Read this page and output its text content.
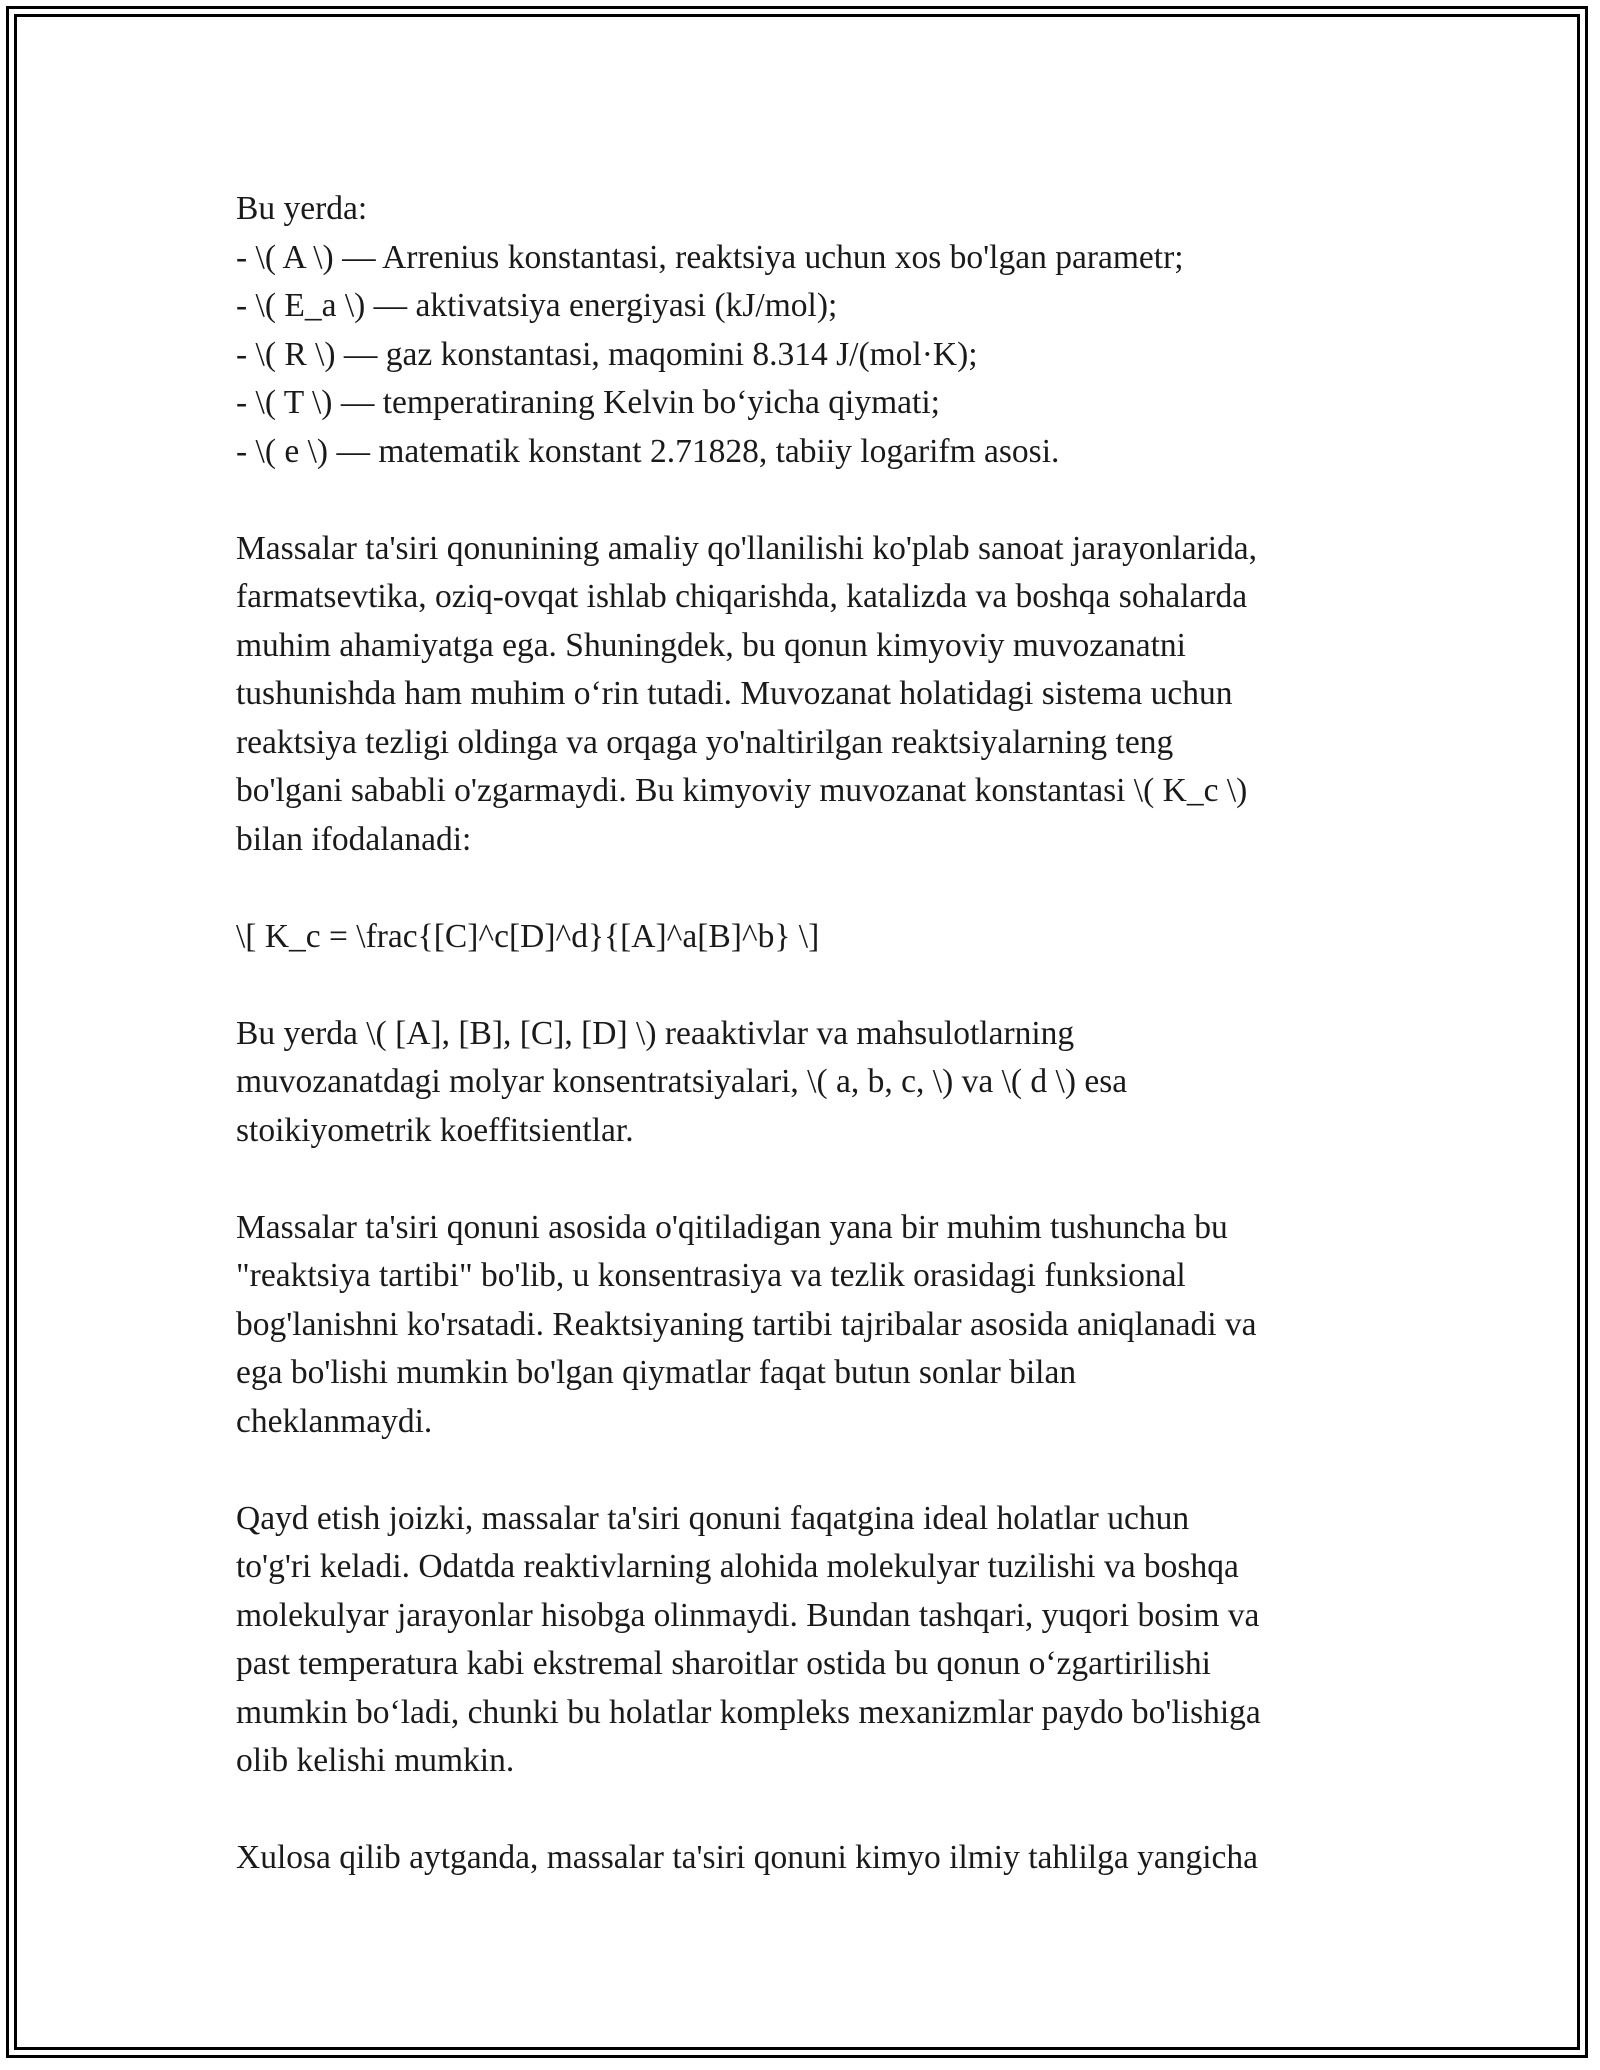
Bu yerda:
- \( A \) — Arrenius konstantasi, reaktsiya uchun xos bo'lgan parametr;
- \( E_a \) — aktivatsiya energiyasi (kJ/mol);
- \( R \) — gaz konstantasi, maqomini 8.314 J/(mol·K);
- \( T \) — temperatiraning Kelvin bo‘yicha qiymati;
- \( e \) — matematik konstant 2.71828, tabiiy logarifm asosi.

Massalar ta'siri qonunining amaliy qo'llanilishi ko'plab sanoat jarayonlarida,
farmatsevtika, oziq-ovqat ishlab chiqarishda, katalizda va boshqa sohalarda
muhim ahamiyatga ega. Shuningdek, bu qonun kimyoviy muvozanatni
tushunishda ham muhim o‘rin tutadi. Muvozanat holatidagi sistema uchun
reaktsiya tezligi oldinga va orqaga yo'naltirilgan reaktsiyalarning teng
bo'lgani sababli o'zgarmaydi. Bu kimyoviy muvozanat konstantasi \( K_c \)
bilan ifodalanadi:

\[ K_c = \frac{[C]^c[D]^d}{[A]^a[B]^b} \]

Bu yerda \( [A], [B], [C], [D] \) reaaktivlar va mahsulotlarning
muvozanatdagi molyar konsentratsiyalari, \( a, b, c, \) va \( d \) esa
stoikiyometrik koeffitsientlar.

Massalar ta'siri qonuni asosida o'qitiladigan yana bir muhim tushuncha bu
"reaktsiya tartibi" bo'lib, u konsentrasiya va tezlik orasidagi funksional
bog'lanishni ko'rsatadi. Reaktsiyaning tartibi tajribalar asosida aniqlanadi va
ega bo'lishi mumkin bo'lgan qiymatlar faqat butun sonlar bilan
cheklanmaydi.

Qayd etish joizki, massalar ta'siri qonuni faqatgina ideal holatlar uchun
to'g'ri keladi. Odatda reaktivlarning alohida molekulyar tuzilishi va boshqa
molekulyar jarayonlar hisobga olinmaydi. Bundan tashqari, yuqori bosim va
past temperatura kabi ekstremal sharoitlar ostida bu qonun o‘zgartirilishi
mumkin bo‘ladi, chunki bu holatlar kompleks mexanizmlar paydo bo'lishiga
olib kelishi mumkin.

Xulosa qilib aytganda, massalar ta'siri qonuni kimyo ilmiy tahlilga yangicha
